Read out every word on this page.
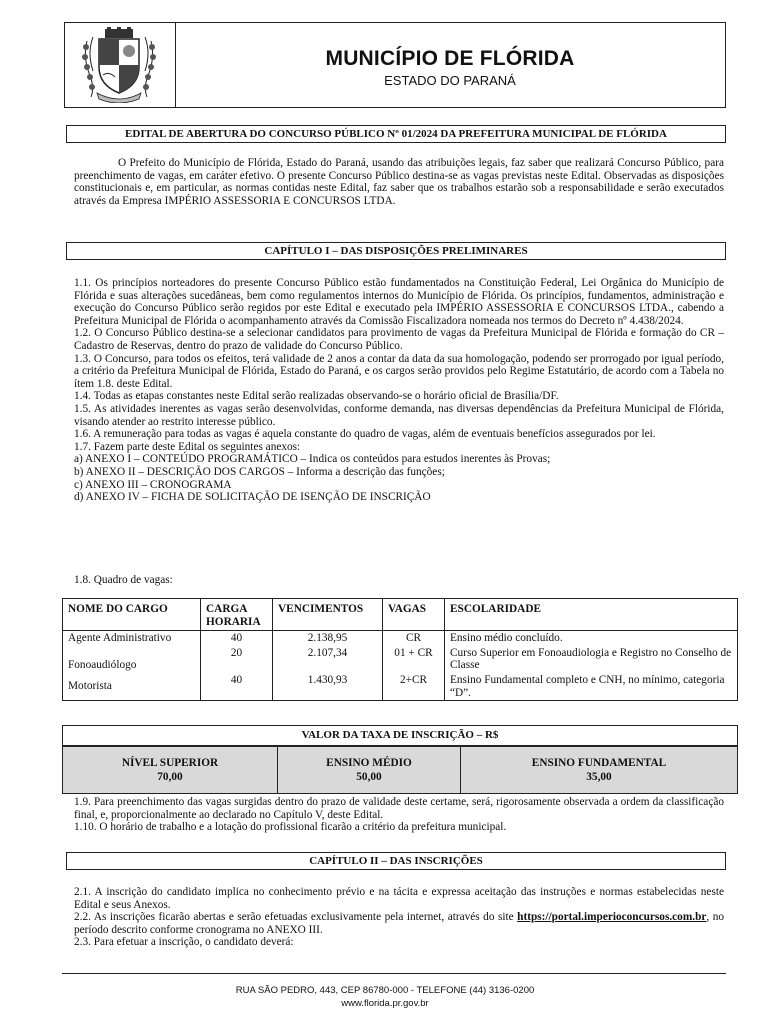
MUNICÍPIO DE FLÓRIDA
ESTADO DO PARANÁ
EDITAL DE ABERTURA DO CONCURSO PÚBLICO Nº 01/2024 DA PREFEITURA MUNICIPAL DE FLÓRIDA

O Prefeito do Município de Flórida, Estado do Paraná, usando das atribuições legais, faz saber que realizará Concurso Público, para preenchimento de vagas, em caráter efetivo. O presente Concurso Público destina-se as vagas previstas neste Edital. Observadas as disposições constitucionais e, em particular, as normas contidas neste Edital, faz saber que os trabalhos estarão sob a responsabilidade e serão executados através da Empresa IMPÉRIO ASSESSORIA E CONCURSOS LTDA.

CAPÍTULO I – DAS DISPOSIÇÕES PRELIMINARES

1.1. Os princípios norteadores do presente Concurso Público estão fundamentados na Constituição Federal, Lei Orgânica do Município de Flórida e suas alterações sucedâneas, bem como regulamentos internos do Município de Flórida. Os princípios, fundamentos, administração e execução do Concurso Público serão regidos por este Edital e executado pela IMPÉRIO ASSESSORIA E CONCURSOS LTDA., cabendo a Prefeitura Municipal de Flórida o acompanhamento através da Comissão Fiscalizadora nomeada nos termos do Decreto nº 4.438/2024.

1.2. O Concurso Público destina-se a selecionar candidatos para provimento de vagas da Prefeitura Municipal de Flórida e formação do CR – Cadastro de Reservas, dentro do prazo de validade do Concurso Público.

1.3. O Concurso, para todos os efeitos, terá validade de 2 anos a contar da data da sua homologação, podendo ser prorrogado por igual período, a critério da Prefeitura Municipal de Flórida, Estado do Paraná, e os cargos serão providos pelo Regime Estatutário, de acordo com a Tabela no ítem 1.8. deste Edital.

1.4. Todas as etapas constantes neste Edital serão realizadas observando-se o horário oficial de Brasília/DF.

1.5. As atividades inerentes as vagas serão desenvolvidas, conforme demanda, nas diversas dependências da Prefeitura Municipal de Flórida, visando atender ao restrito interesse público.

1.6. A remuneração para todas as vagas é aquela constante do quadro de vagas, além de eventuais benefícios assegurados por lei.

1.7. Fazem parte deste Edital os seguintes anexos:

a) ANEXO I – CONTEÚDO PROGRAMÁTICO – Indica os conteúdos para estudos inerentes às Provas;

b) ANEXO II – DESCRIÇÃO DOS CARGOS – Informa a descrição das funções;

c) ANEXO III – CRONOGRAMA

d) ANEXO IV – FICHA DE SOLICITAÇÃO DE ISENÇÃO DE INSCRIÇÃO

1.8. Quadro de vagas:
NOME DO CARGO	CARGA HORARIA	VENCIMENTOS	VAGAS	ESCOLARIDADE
Agente Administrativo	40	2.138,95	CR	Ensino médio concluído.
Fonoaudiólogo	20	2.107,34	01 + CR	Curso Superior em Fonoaudiologia e Registro no Conselho de Classe
Motorista	40	1.430,93	2+CR	Ensino Fundamental completo e CNH, no mínimo, categoria “D”.
VALOR DA TAXA DE INSCRIÇÃO – R$
NÍVEL SUPERIOR
70,00
ENSINO MÉDIO
50,00
ENSINO FUNDAMENTAL
35,00

1.9. Para preenchimento das vagas surgidas dentro do prazo de validade deste certame, será, rigorosamente observada a ordem da classificação final, e, proporcionalmente ao declarado no Capítulo V, deste Edital.

1.10. O horário de trabalho e a lotação do profissional ficarão a critério da prefeitura municipal.

CAPÍTULO II – DAS INSCRIÇÕES

2.1. A inscrição do candidato implica no conhecimento prévio e na tácita e expressa aceitação das instruções e normas estabelecidas neste Edital e seus Anexos.

2.2. As inscrições ficarão abertas e serão efetuadas exclusivamente pela internet, através do site https://portal.imperioconcursos.com.br, no período descrito conforme cronograma no ANEXO III.

2.3. Para efetuar a inscrição, o candidato deverá:

RUA SÃO PEDRO, 443, CEP 86780-000 - TELEFONE (44) 3136-0200
www.florida.pr.gov.br
